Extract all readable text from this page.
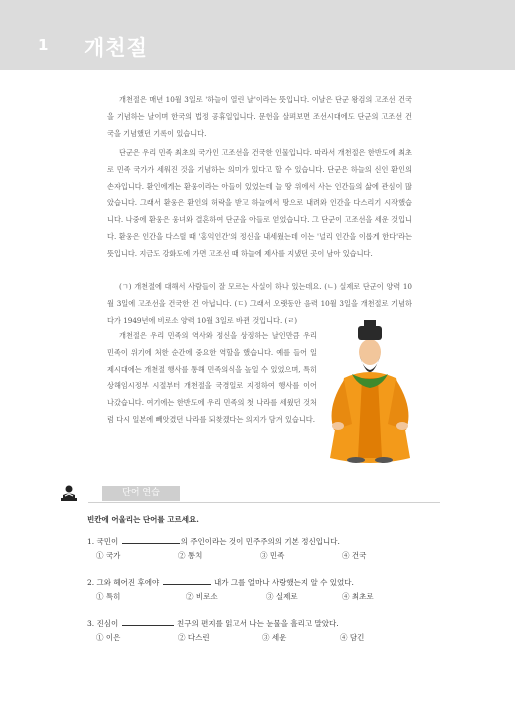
1 개천절

개천절은 매년 10월 3일로 '하늘이 열린 날'이라는 뜻입니다. 이날은 단군 왕검의 고조선 건국을 기념하는 날이며 한국의 법정 공휴일입니다. 문헌을 살펴보면 조선시대에도 단군의 고조선 건국을 기념했던 기록이 있습니다.

단군은 우리 민족 최초의 국가인 고조선을 건국한 인물입니다. 따라서 개천절은 한반도에 최초로 민족 국가가 세워진 것을 기념하는 의미가 있다고 할 수 있습니다. 단군은 하늘의 신인 환인의 손자입니다. 환인에게는 환웅이라는 아들이 있었는데 늘 땅 위에서 사는 인간들의 삶에 관심이 많았습니다. 그래서 환웅은 환인의 허락을 받고 하늘에서 땅으로 내려와 인간을 다스리기 시작했습니다. 나중에 환웅은 웅녀와 결혼하여 단군을 아들로 얻었습니다. 그 단군이 고조선을 세운 것입니다. 환웅은 인간을 다스릴 때 '홍익인간'의 정신을 내세웠는데 이는 '널리 인간을 이롭게 한다'라는 뜻입니다. 지금도 강화도에 가면 고조선 때 하늘에 제사를 지냈던 곳이 남아 있습니다.

(ㄱ) 개천절에 대해서 사람들이 잘 모르는 사실이 하나 있는데요. (ㄴ) 실제로 단군이 양력 10월 3일에 고조선을 건국한 건 아닙니다. (ㄷ) 그래서 오랫동안 음력 10월 3일을 개천절로 기념하다가 1949년에 비로소 양력 10월 3일로 바뀐 것입니다. (ㄹ)

개천절은 우리 민족의 역사와 정신을 상징하는 날인만큼 우리 민족이 위기에 처한 순간에 중요한 역할을 했습니다. 예를 들어 일제시대에는 개천절 행사를 통해 민족의식을 높일 수 있었으며, 특히 상해임시정부 시절부터 개천절을 국경일로 지정하여 행사를 이어 나갔습니다. 여기에는 한반도에 우리 민족의 첫 나라를 세웠던 것처럼 다시 일본에 빼앗겼던 나라를 되찾겠다는 의지가 담겨 있습니다.

단어 연습

빈칸에 어울리는 단어를 고르세요.

1. 국민이	의 주인이라는 것이 민주주의의 기본 정신입니다.

① 국가	② 통치	③ 민족	④ 건국

2. 그와 헤어진 후에야	내가 그를 얼마나 사랑했는지 알 수 있었다.

① 특히	② 비로소	③ 실제로	④ 최초로

3. 진심이	친구의 편지를 읽고서 나는 눈물을 흘리고 말았다.

① 이은	② 다스린	③ 세운	④ 담긴
